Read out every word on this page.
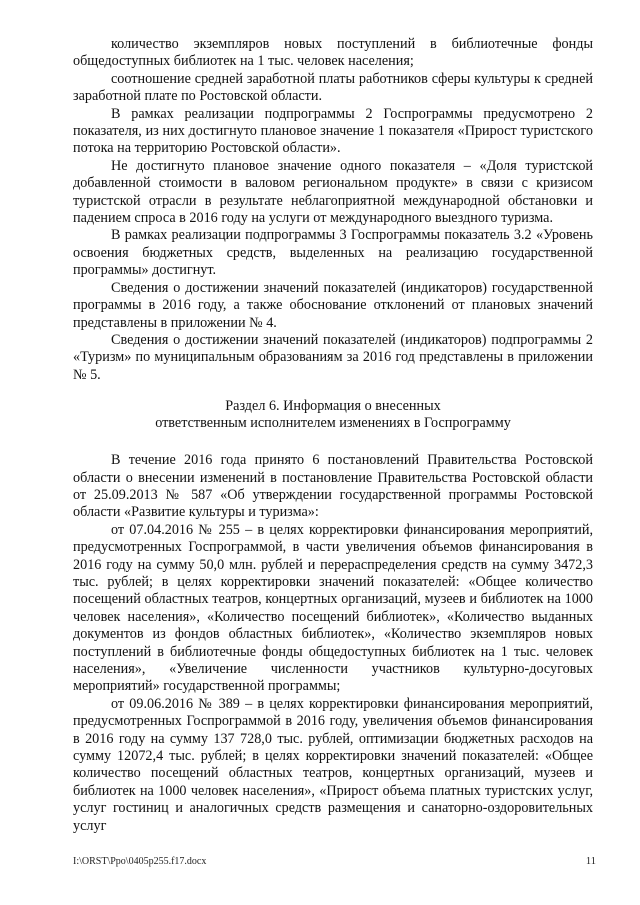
количество экземпляров новых поступлений в библиотечные фонды общедоступных библиотек на 1 тыс. человек населения;

соотношение средней заработной платы работников сферы культуры к средней заработной плате по Ростовской области.

В рамках реализации подпрограммы 2 Госпрограммы предусмотрено 2 показателя, из них достигнуто плановое значение 1 показателя «Прирост туристского потока на территорию Ростовской области».

Не достигнуто плановое значение одного показателя – «Доля туристской добавленной стоимости в валовом региональном продукте» в связи с кризисом туристской отрасли в результате неблагоприятной международной обстановки и падением спроса в 2016 году на услуги от международного выездного туризма.

В рамках реализации подпрограммы 3 Госпрограммы показатель 3.2 «Уровень освоения бюджетных средств, выделенных на реализацию государственной программы» достигнут.

Сведения о достижении значений показателей (индикаторов) государственной программы в 2016 году, а также обоснование отклонений от плановых значений представлены в приложении № 4.

Сведения о достижении значений показателей (индикаторов) подпрограммы 2 «Туризм» по муниципальным образованиям за 2016 год представлены в приложении № 5.

Раздел 6. Информация о внесенных
ответственным исполнителем изменениях в Госпрограмму

В течение 2016 года принято 6 постановлений Правительства Ростовской области о внесении изменений в постановление Правительства Ростовской области от 25.09.2013 № 587 «Об утверждении государственной программы Ростовской области «Развитие культуры и туризма»:

от 07.04.2016 № 255 – в целях корректировки финансирования мероприятий, предусмотренных Госпрограммой, в части увеличения объемов финансирования в 2016 году на сумму 50,0 млн. рублей и перераспределения средств на сумму 3472,3 тыс. рублей; в целях корректировки значений показателей: «Общее количество посещений областных театров, концертных организаций, музеев и библиотек на 1000 человек населения», «Количество посещений библиотек», «Количество выданных документов из фондов областных библиотек», «Количество экземпляров новых поступлений в библиотечные фонды общедоступных библиотек на 1 тыс. человек населения», «Увеличение численности участников культурно-досуговых мероприятий» государственной программы;

от 09.06.2016 № 389 – в целях корректировки финансирования мероприятий, предусмотренных Госпрограммой в 2016 году, увеличения объемов финансирования в 2016 году на сумму 137 728,0 тыс. рублей, оптимизации бюджетных расходов на сумму 12072,4 тыс. рублей; в целях корректировки значений показателей: «Общее количество посещений областных театров, концертных организаций, музеев и библиотек на 1000 человек населения», «Прирост объема платных туристских услуг, услуг гостиниц и аналогичных средств размещения и санаторно-оздоровительных услуг

I:\ORST\Ppo\0405p255.f17.docx	11
